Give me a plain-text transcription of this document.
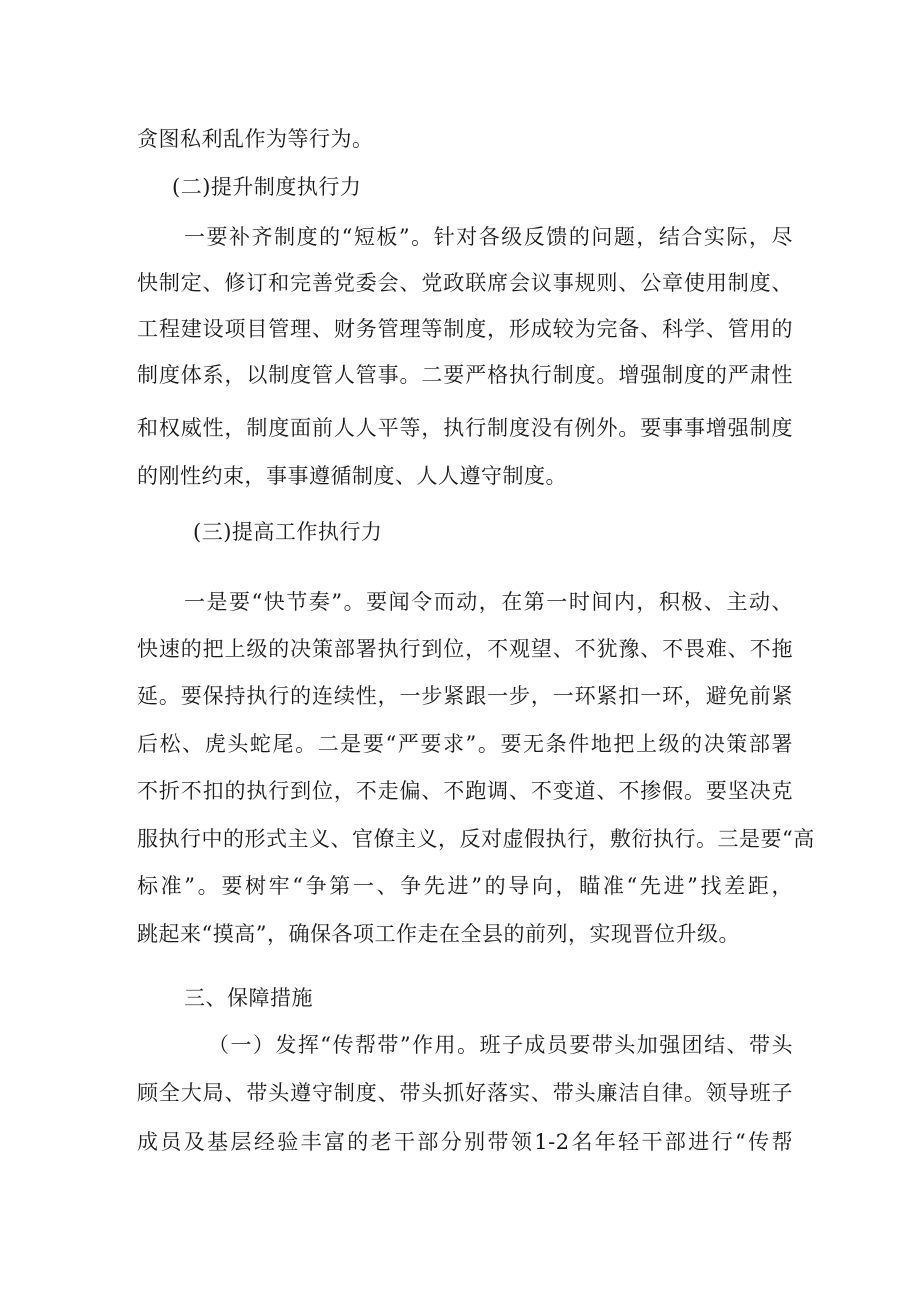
贪图私利乱作为等行为。
(二)提升制度执行力
一要补齐制度的“短板”。针对各级反馈的问题，结合实际，尽
快制定、修订和完善党委会、党政联席会议事规则、公章使用制度、
工程建设项目管理、财务管理等制度，形成较为完备、科学、管用的
制度体系，以制度管人管事。二要严格执行制度。增强制度的严肃性
和权威性，制度面前人人平等，执行制度没有例外。要事事增强制度
的刚性约束，事事遵循制度、人人遵守制度。
(三)提高工作执行力
一是要“快节奏”。要闻令而动，在第一时间内，积极、主动、
快速的把上级的决策部署执行到位，不观望、不犹豫、不畏难、不拖
延。要保持执行的连续性，一步紧跟一步，一环紧扣一环，避免前紧
后松、虎头蛇尾。二是要“严要求”。要无条件地把上级的决策部署
不折不扣的执行到位，不走偏、不跑调、不变道、不掺假。要坚决克
服执行中的形式主义、官僚主义，反对虚假执行，敷衍执行。三是要“高
标准”。要树牢“争第一、争先进”的导向，瞄准“先进”找差距，
跳起来“摸高”，确保各项工作走在全县的前列，实现晋位升级。
三、保障措施
（一）发挥“传帮带”作用。班子成员要带头加强团结、带头
顾全大局、带头遵守制度、带头抓好落实、带头廉洁自律。领导班子
成员及基层经验丰富的老干部分别带领1-2名年轻干部进行“传帮
